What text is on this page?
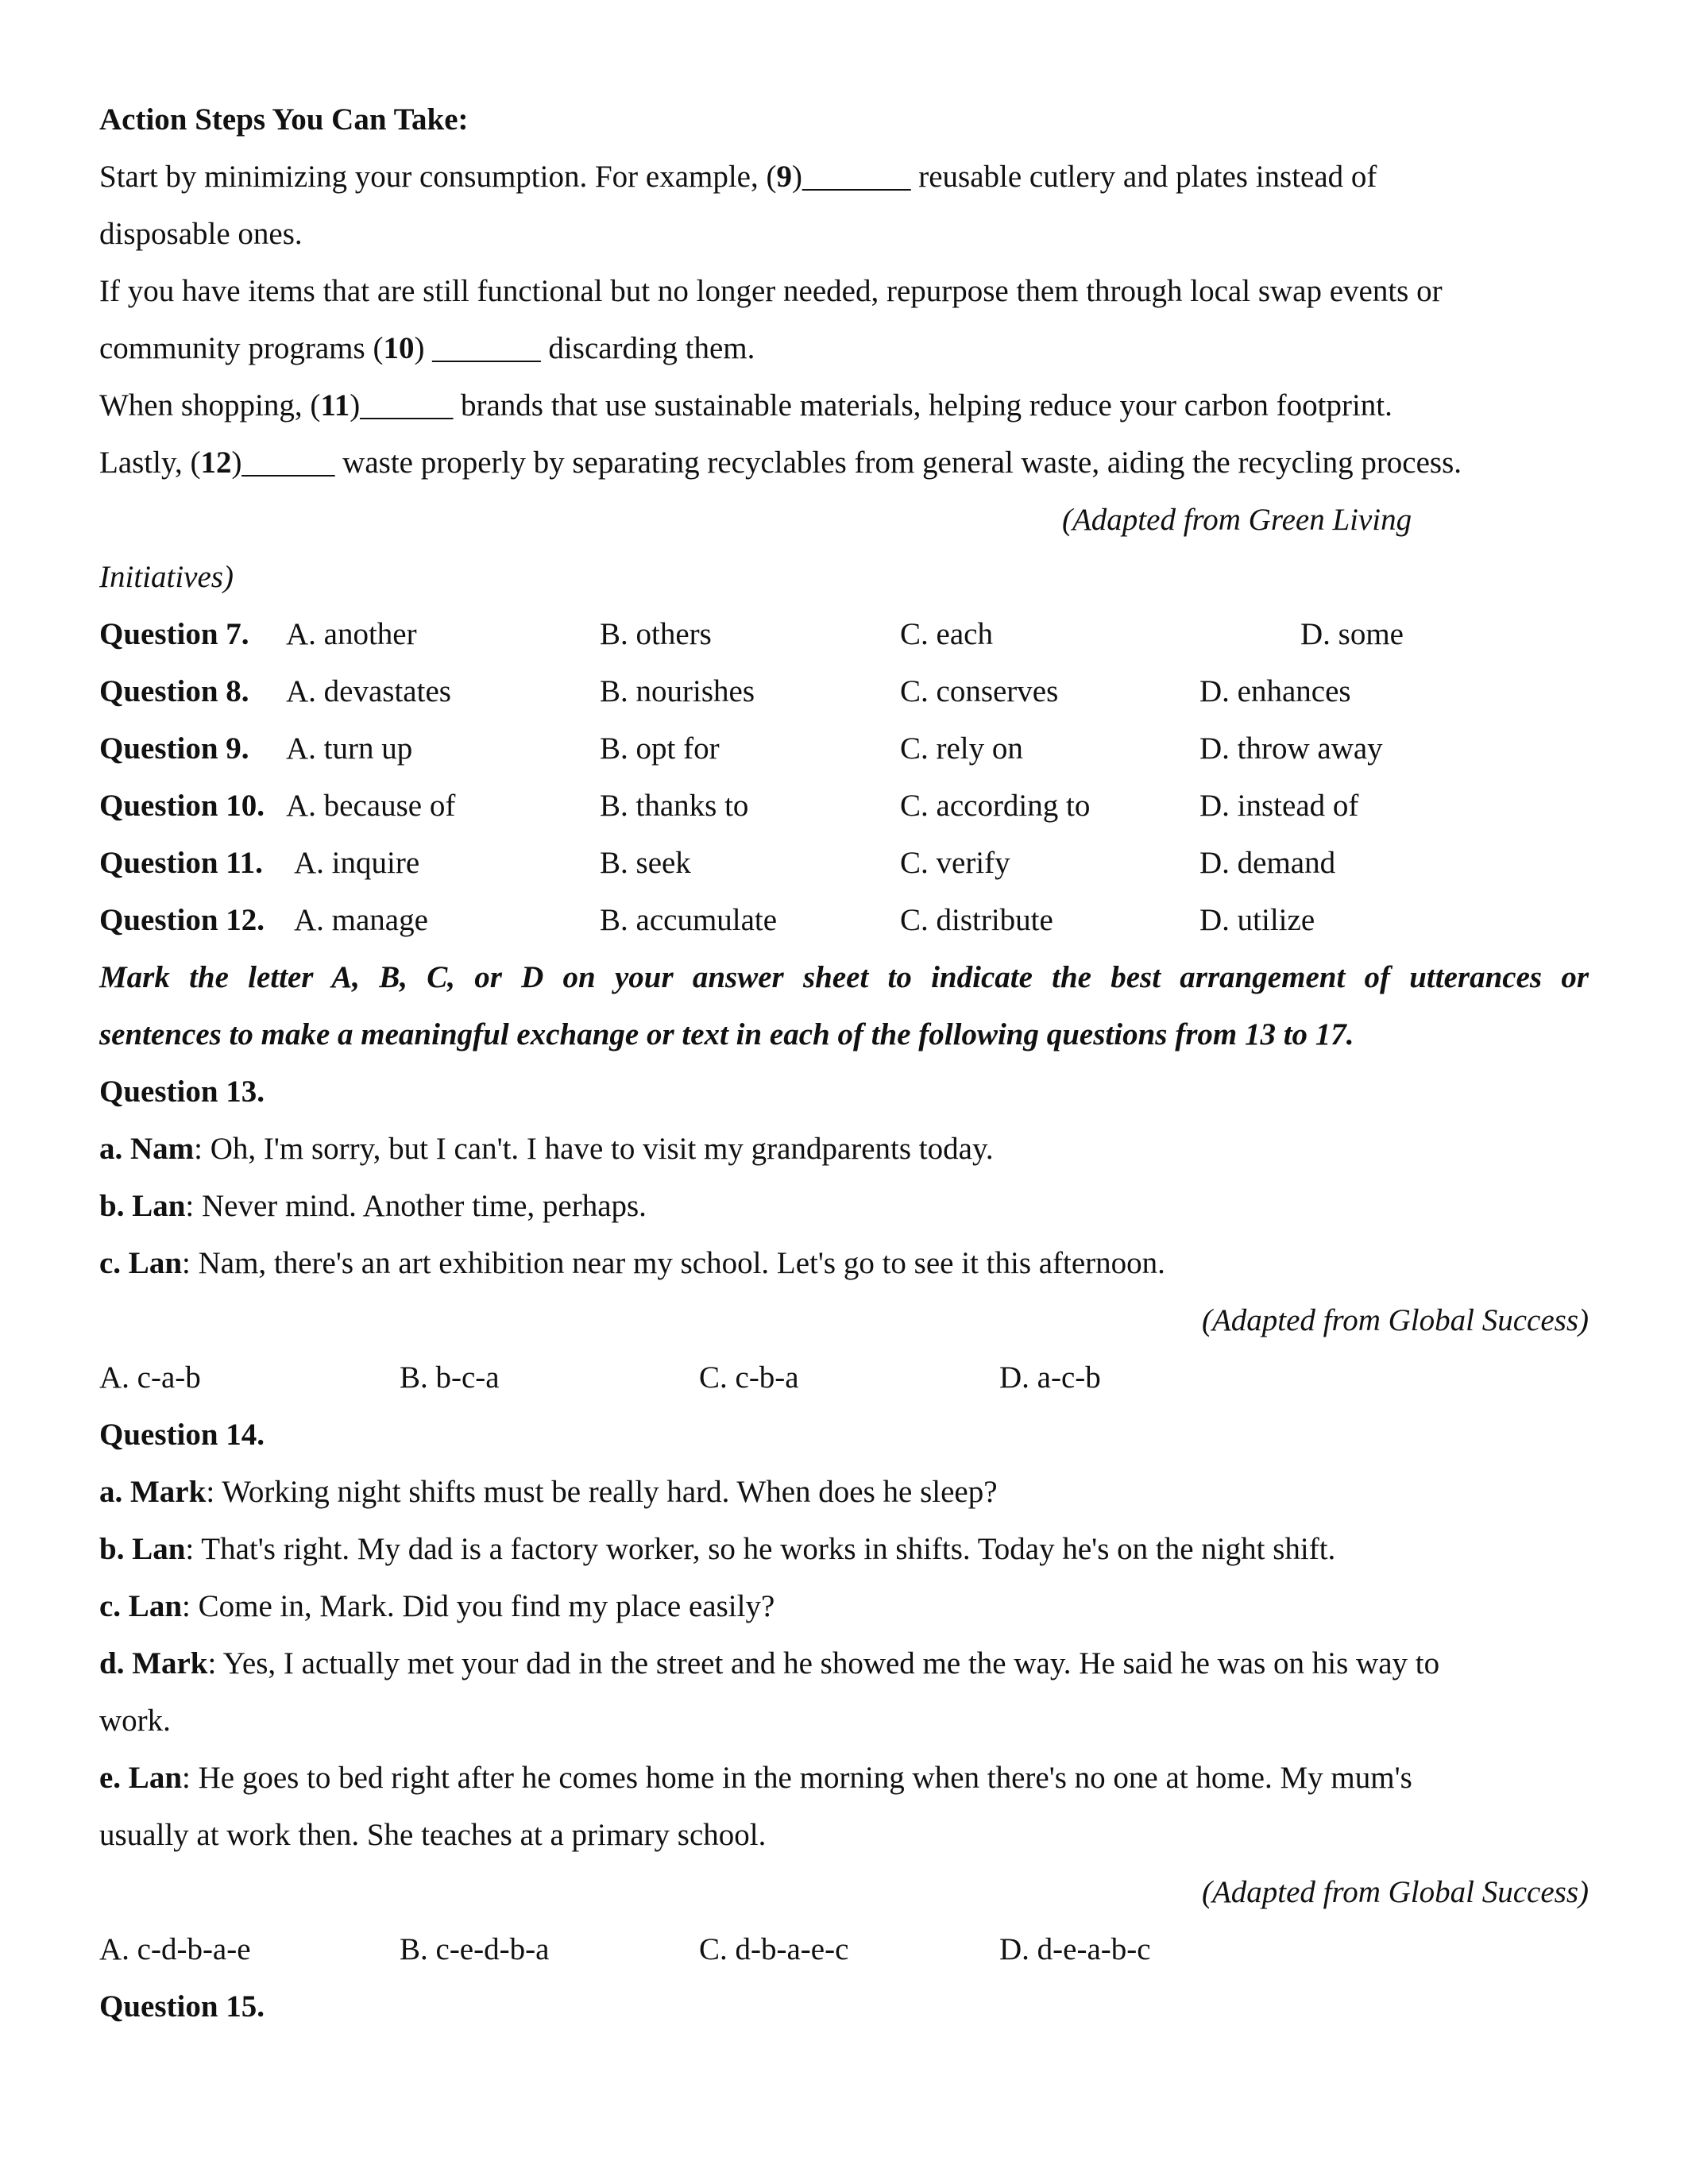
Action Steps You Can Take:
Start by minimizing your consumption. For example, (9)_______ reusable cutlery and plates instead of
disposable ones.
If you have items that are still functional but no longer needed, repurpose them through local swap events or
community programs (10) _______ discarding them.
When shopping, (11)______ brands that use sustainable materials, helping reduce your carbon footprint.
Lastly, (12)______ waste properly by separating recyclables from general waste, aiding the recycling process.
(Adapted from Green Living
Initiatives)
Question 7. A. another	B. others	C. each	D. some
Question 8. A. devastates	B. nourishes	C. conserves	D. enhances
Question 9. A. turn up	B. opt for	C. rely on	D. throw away
Question 10. A. because of	B. thanks to	C. according to	D. instead of
Question 11. A. inquire	B. seek	C. verify	D. demand
Question 12. A. manage	B. accumulate	C. distribute	D. utilize
Mark the letter A, B, C, or D on your answer sheet to indicate the best arrangement of utterances or
sentences to make a meaningful exchange or text in each of the following questions from 13 to 17.
Question 13.
a. Nam: Oh, I'm sorry, but I can't. I have to visit my grandparents today.
b. Lan: Never mind. Another time, perhaps.
c. Lan: Nam, there's an art exhibition near my school. Let's go to see it this afternoon.
(Adapted from Global Success)
A. c-a-b	B. b-c-a	C. c-b-a	D. a-c-b
Question 14.
a. Mark: Working night shifts must be really hard. When does he sleep?
b. Lan: That's right. My dad is a factory worker, so he works in shifts. Today he's on the night shift.
c. Lan: Come in, Mark. Did you find my place easily?
d. Mark: Yes, I actually met your dad in the street and he showed me the way. He said he was on his way to
work.
e. Lan: He goes to bed right after he comes home in the morning when there's no one at home. My mum's
usually at work then. She teaches at a primary school.
(Adapted from Global Success)
A. c-d-b-a-e	B. c-e-d-b-a	C. d-b-a-e-c	D. d-e-a-b-c
Question 15.
